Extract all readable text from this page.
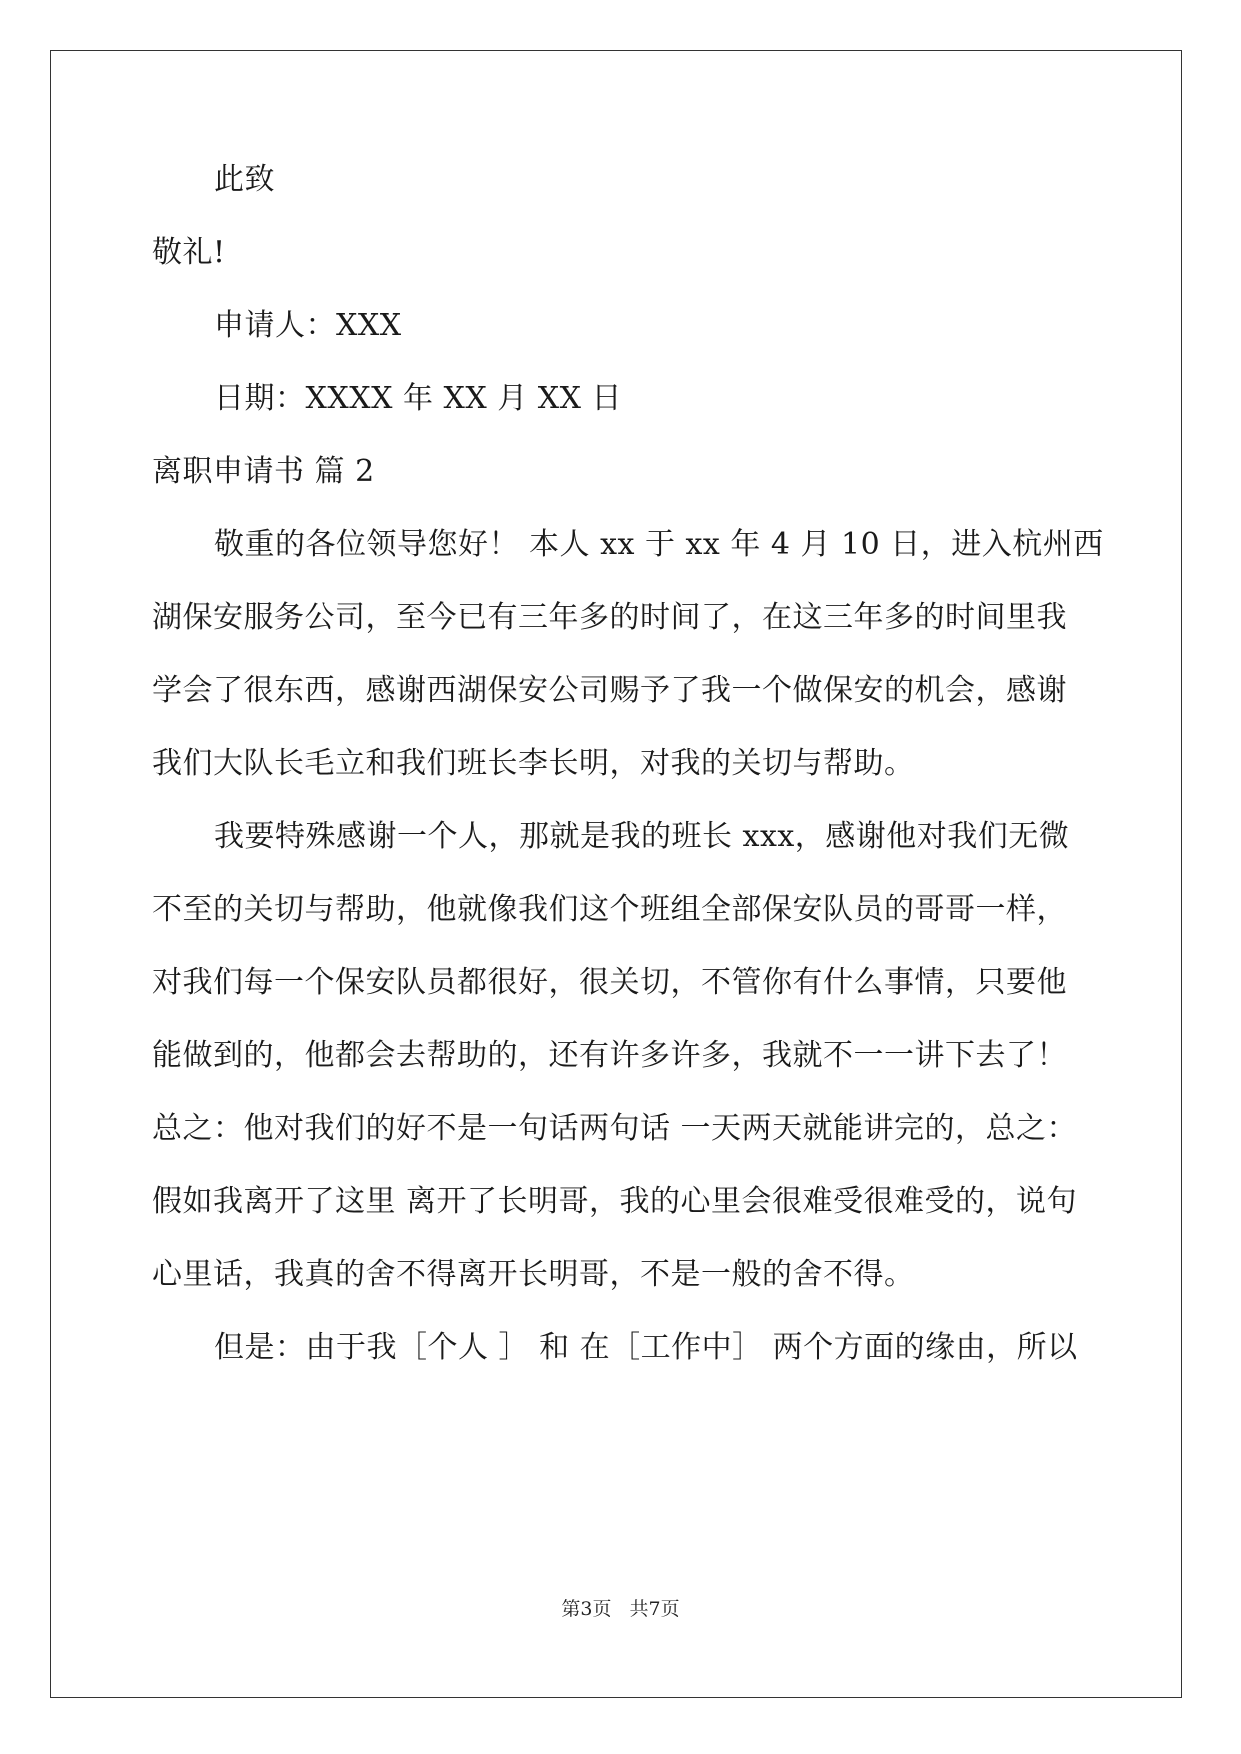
此致
敬礼!
申请人：XXX
日期：XXXX 年 XX 月 XX 日
离职申请书 篇 2
敬重的各位领导您好！ 本人 xx 于 xx 年 4 月 10 日，进入杭州西
湖保安服务公司，至今已有三年多的时间了，在这三年多的时间里我
学会了很东西，感谢西湖保安公司赐予了我一个做保安的机会，感谢
我们大队长毛立和我们班长李长明，对我的关切与帮助。
我要特殊感谢一个人，那就是我的班长 xxx，感谢他对我们无微
不至的关切与帮助，他就像我们这个班组全部保安队员的哥哥一样，
对我们每一个保安队员都很好，很关切，不管你有什么事情，只要他
能做到的，他都会去帮助的，还有许多许多，我就不一一讲下去了！
总之：他对我们的好不是一句话两句话 一天两天就能讲完的，总之：
假如我离开了这里 离开了长明哥，我的心里会很难受很难受的，说句
心里话，我真的舍不得离开长明哥，不是一般的舍不得。
但是：由于我［个人 ］ 和 在［工作中］ 两个方面的缘由，所以
第3页 共7页
